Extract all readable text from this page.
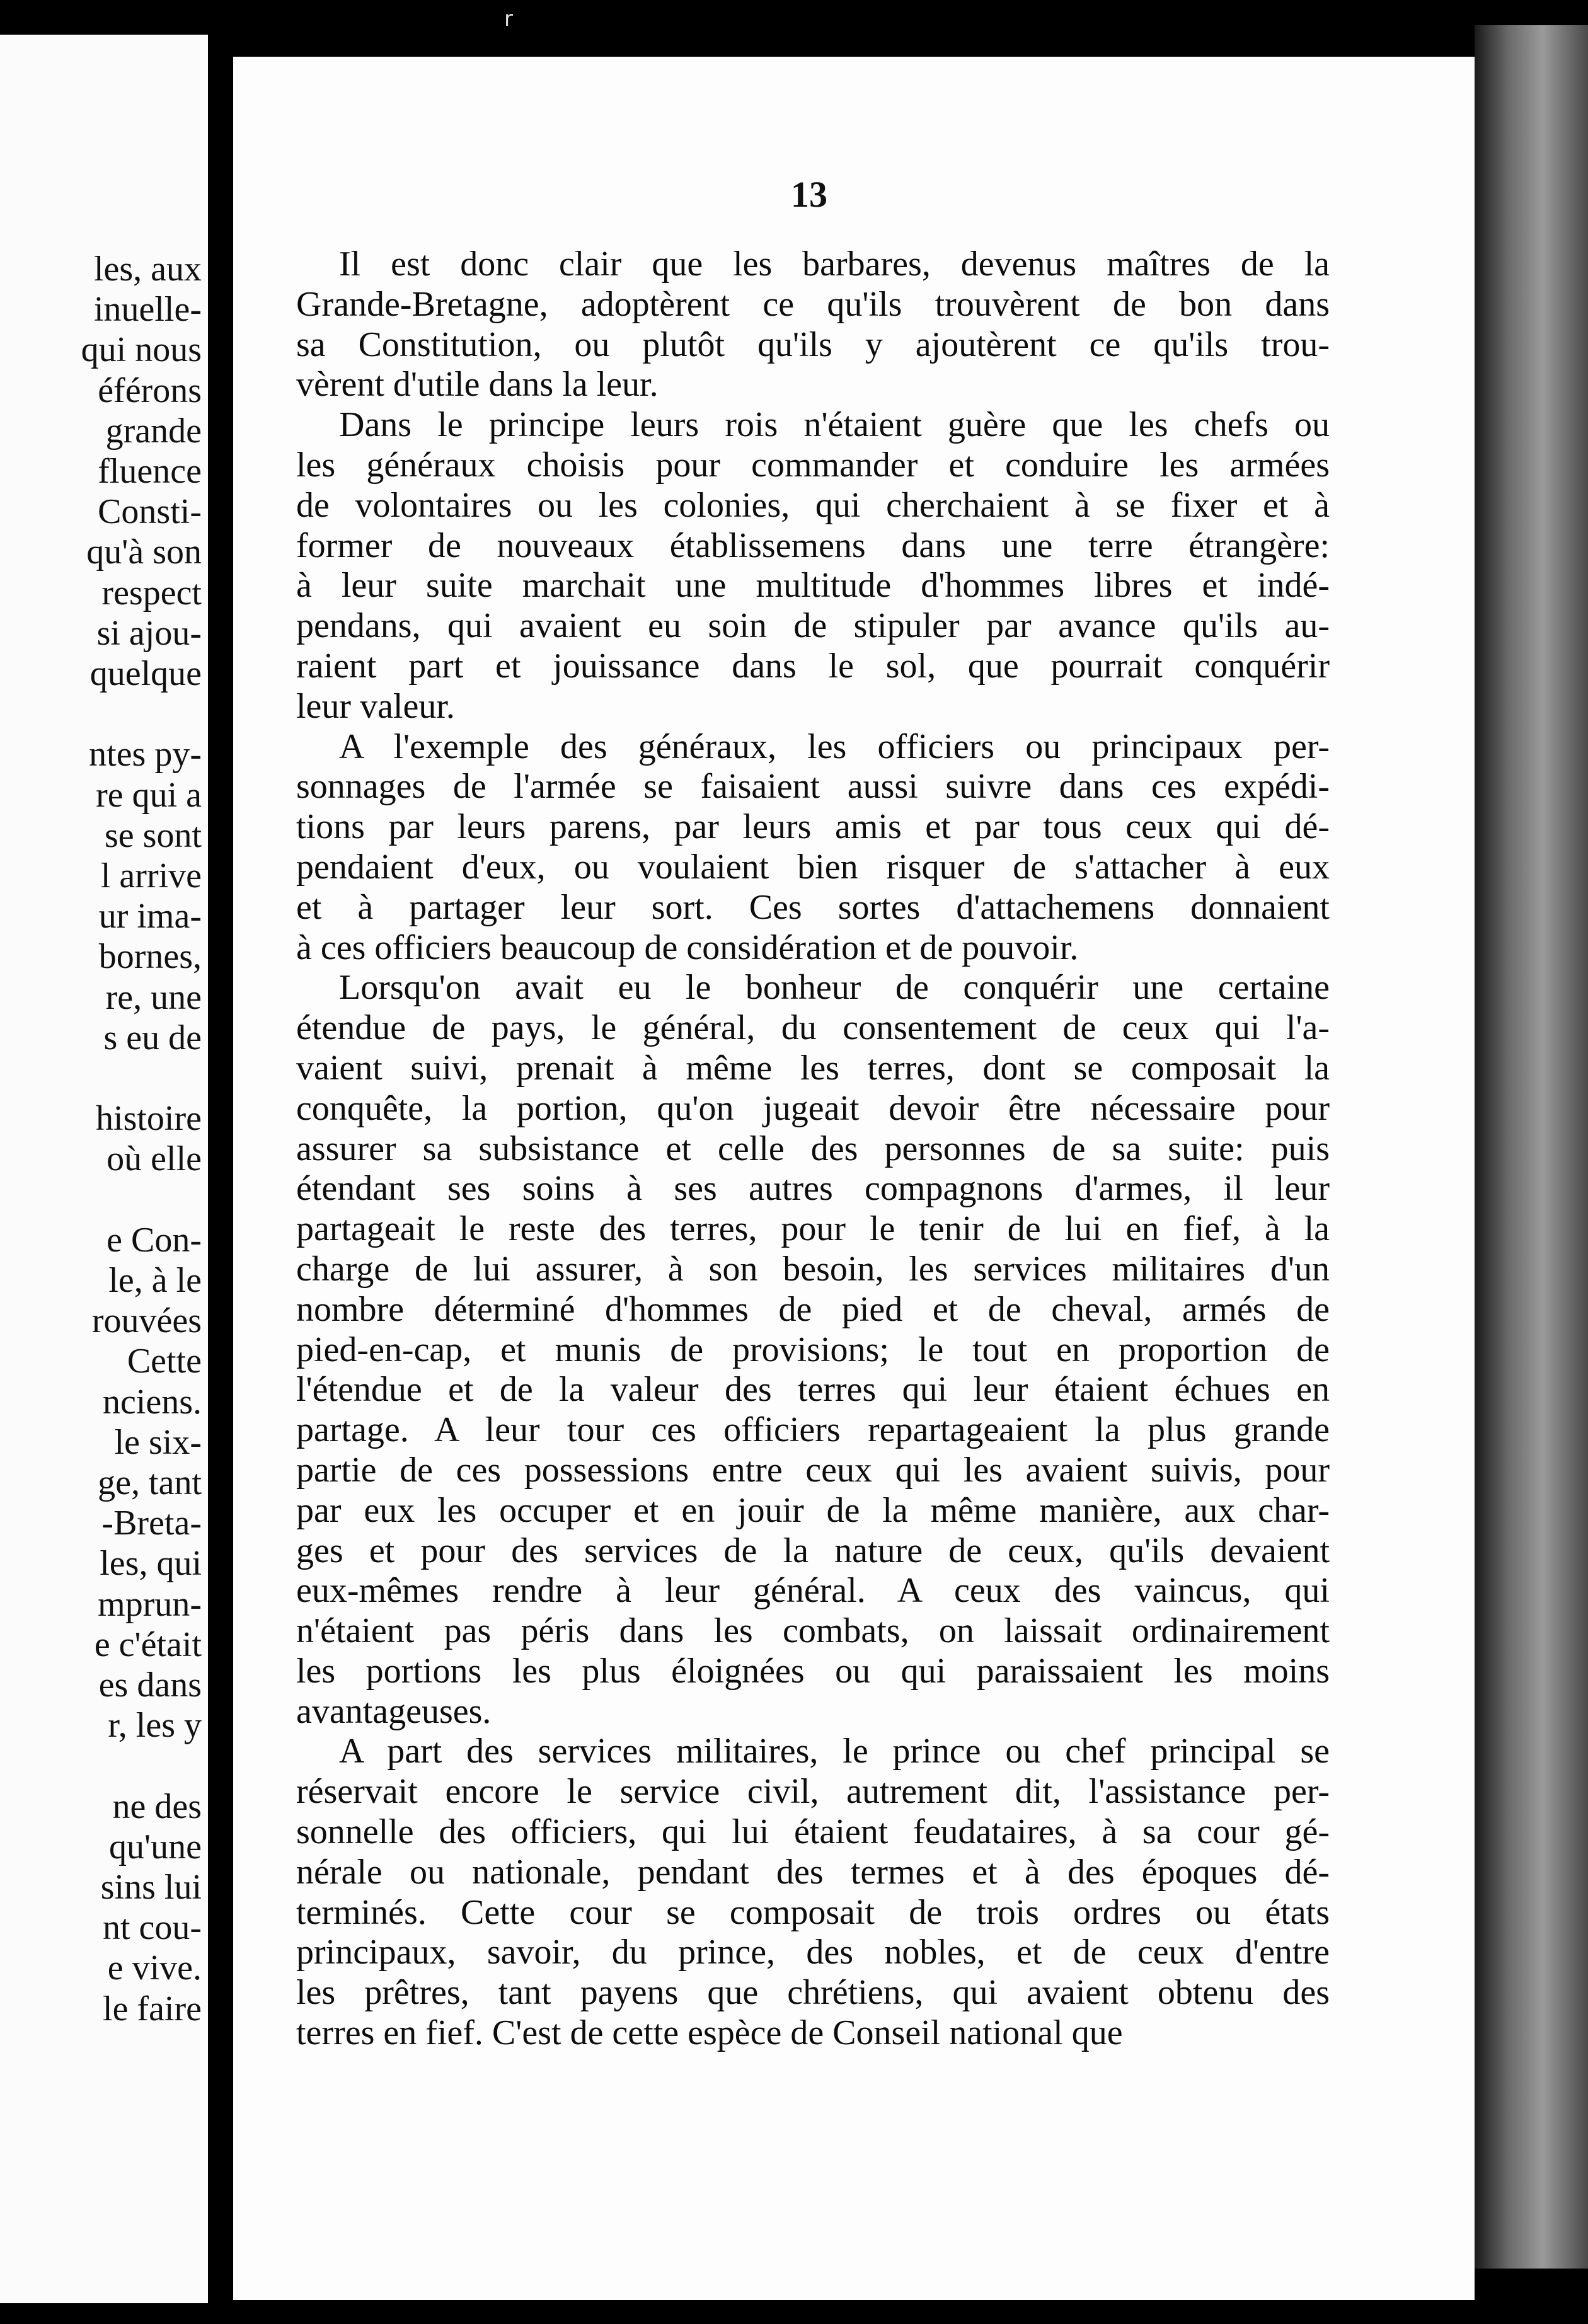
les, aux
inuelle-
qui nous
éférons
grande
fluence
Consti-
qu'à son
respect
si ajou-
quelque
ntes py-
re qui a
se sont
l arrive
ur ima-
bornes,
re, une
s eu de
histoire
où elle
e Con-
le, à le
rouvées
Cette
nciens.
le six-
ge, tant
-Breta-
les, qui
mprun-
e c'était
es dans
r, les y
ne des
qu'une
sins lui
nt cou-
e vive.
le faire
r
13
Il est donc clair que les barbares, devenus maîtres de la
Grande-Bretagne, adoptèrent ce qu'ils trouvèrent de bon dans
sa Constitution, ou plutôt qu'ils y ajoutèrent ce qu'ils trou-
vèrent d'utile dans la leur.
Dans le principe leurs rois n'étaient guère que les chefs ou
les généraux choisis pour commander et conduire les armées
de volontaires ou les colonies, qui cherchaient à se fixer et à
former de nouveaux établissemens dans une terre étrangère:
à leur suite marchait une multitude d'hommes libres et indé-
pendans, qui avaient eu soin de stipuler par avance qu'ils au-
raient part et jouissance dans le sol, que pourrait conquérir
leur valeur.
A l'exemple des généraux, les officiers ou principaux per-
sonnages de l'armée se faisaient aussi suivre dans ces expédi-
tions par leurs parens, par leurs amis et par tous ceux qui dé-
pendaient d'eux, ou voulaient bien risquer de s'attacher à eux
et à partager leur sort. Ces sortes d'attachemens donnaient
à ces officiers beaucoup de considération et de pouvoir.
Lorsqu'on avait eu le bonheur de conquérir une certaine
étendue de pays, le général, du consentement de ceux qui l'a-
vaient suivi, prenait à même les terres, dont se composait la
conquête, la portion, qu'on jugeait devoir être nécessaire pour
assurer sa subsistance et celle des personnes de sa suite: puis
étendant ses soins à ses autres compagnons d'armes, il leur
partageait le reste des terres, pour le tenir de lui en fief, à la
charge de lui assurer, à son besoin, les services militaires d'un
nombre déterminé d'hommes de pied et de cheval, armés de
pied-en-cap, et munis de provisions; le tout en proportion de
l'étendue et de la valeur des terres qui leur étaient échues en
partage. A leur tour ces officiers repartageaient la plus grande
partie de ces possessions entre ceux qui les avaient suivis, pour
par eux les occuper et en jouir de la même manière, aux char-
ges et pour des services de la nature de ceux, qu'ils devaient
eux-mêmes rendre à leur général. A ceux des vaincus, qui
n'étaient pas péris dans les combats, on laissait ordinairement
les portions les plus éloignées ou qui paraissaient les moins
avantageuses.
A part des services militaires, le prince ou chef principal se
réservait encore le service civil, autrement dit, l'assistance per-
sonnelle des officiers, qui lui étaient feudataires, à sa cour gé-
nérale ou nationale, pendant des termes et à des époques dé-
terminés. Cette cour se composait de trois ordres ou états
principaux, savoir, du prince, des nobles, et de ceux d'entre
les prêtres, tant payens que chrétiens, qui avaient obtenu des
terres en fief. C'est de cette espèce de Conseil national que
